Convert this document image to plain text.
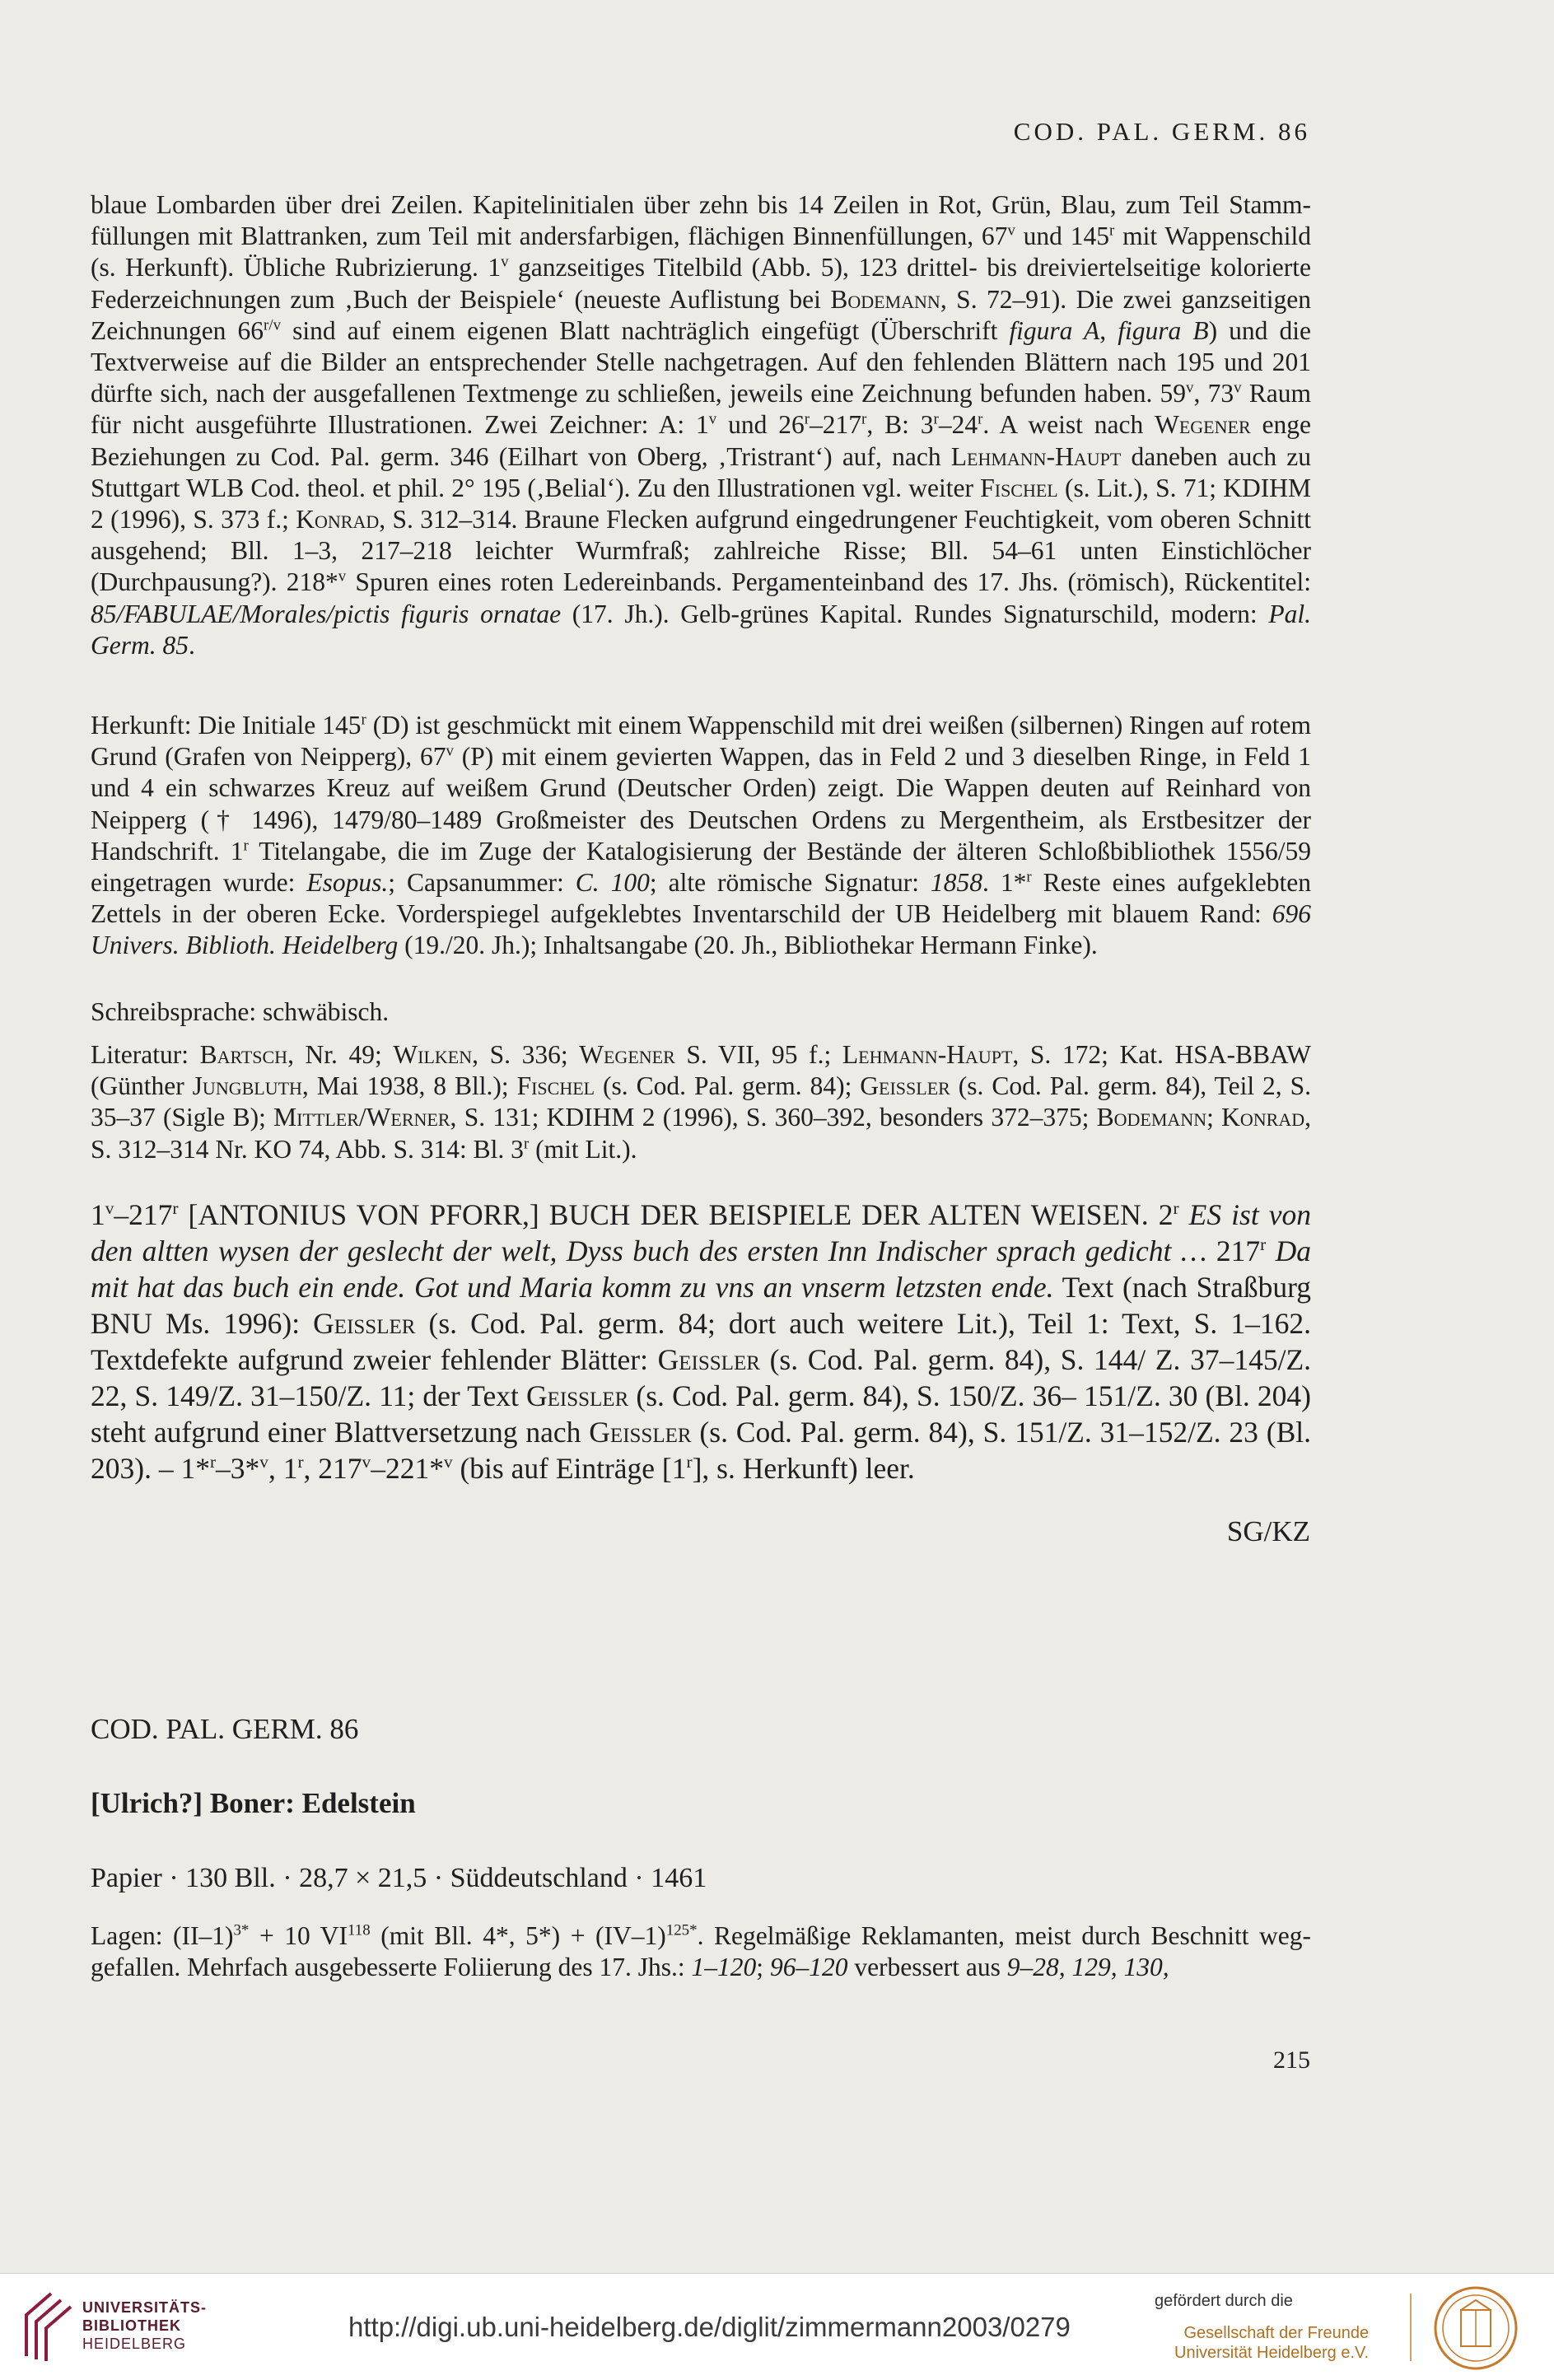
COD. PAL. GERM. 86

blaue Lombarden über drei Zeilen. Kapitelinitialen über zehn bis 14 Zeilen in Rot, Grün, Blau, zum Teil Stammfüllungen mit Blattranken, zum Teil mit andersfarbigen, flächigen Binnenfüllungen, 67$^v$ und 145$^r$ mit Wappenschild (s. Herkunft). Übliche Rubrizierung. 1$^v$ ganzseitiges Titelbild (Abb. 5), 123 drittel- bis dreiviertelseitige kolorierte Federzeichnungen zum ‚Buch der Beispiele‘ (neueste Auflistung bei Bodemann, S. 72–91). Die zwei ganzseitigen Zeichnungen $66^{r/v}$ sind auf einem eigenen Blatt nachträglich eingefügt (Überschrift figura A, figura B) und die Textverweise auf die Bilder an entsprechender Stelle nachgetragen. Auf den fehlenden Blättern nach 195 und 201 dürfte sich, nach der ausgefallenen Textmenge zu schließen, jeweils eine Zeichnung befunden haben. 59$^v$, 73$^v$ Raum für nicht ausgeführte Illustrationen. Zwei Zeichner: A: 1$^v$ und 26$^r$–217$^r$, B: 3$^r$–24$^r$. A weist nach Wegener enge Beziehungen zu Cod. Pal. germ. 346 (Eilhart von Oberg, ‚Tristrant‘) auf, nach Lehmann-Haupt daneben auch zu Stuttgart WLB Cod. theol. et phil. 2° 195 (‚Belial‘). Zu den Illustrationen vgl. weiter Fischel (s. Lit.), S. 71; KDIHM 2 (1996), S. 373 f.; Konrad, S. 312–314. Braune Flecken aufgrund eingedrungener Feuchtigkeit, vom oberen Schnitt ausgehend; Bll. 1–3, 217–218 leichter Wurmfraß; zahlreiche Risse; Bll. 54–61 unten Einstichlöcher (Durchpausung?). 218*$^v$ Spuren eines roten Ledereinbands. Pergamenteinband des 17. Jhs. (römisch), Rückentitel: 85/FABULAE/Morales/pictis figuris ornatae (17. Jh.). Gelb-grünes Kapital. Rundes Signaturschild, modern: Pal. Germ. 85.

Herkunft: Die Initiale 145$^r$ (D) ist geschmückt mit einem Wappenschild mit drei weißen (silbernen) Ringen auf rotem Grund (Grafen von Neipperg), 67$^v$ (P) mit einem gevierten Wappen, das in Feld 2 und 3 dieselben Ringe, in Feld 1 und 4 ein schwarzes Kreuz auf weißem Grund (Deutscher Orden) zeigt. Die Wappen deuten auf Reinhard von Neipperg († 1496), 1479/80–1489 Großmeister des Deutschen Ordens zu Mergentheim, als Erstbesitzer der Handschrift. 1$^r$ Titelangabe, die im Zuge der Katalogisierung der Bestände der älteren Schloßbibliothek 1556/59 eingetragen wurde: Esopus.; Capsanummer: C. 100; alte römische Signatur: 1858. 1*$^r$ Reste eines aufgeklebten Zettels in der oberen Ecke. Vorderspiegel aufgeklebtes Inventarschild der UB Heidelberg mit blauem Rand: 696 Univers. Biblioth. Heidelberg (19./20. Jh.); Inhaltsangabe (20. Jh., Bibliothekar Hermann Finke).

Schreibsprache: schwäbisch.

Literatur: Bartsch, Nr. 49; Wilken, S. 336; Wegener S. VII, 95 f.; Lehmann-Haupt, S. 172; Kat. HSA-BBAW (Günther Jungbluth, Mai 1938, 8 Bll.); Fischel (s. Cod. Pal. germ. 84); Geissler (s. Cod. Pal. germ. 84), Teil 2, S. 35–37 (Sigle B); Mittler/Werner, S. 131; KDIHM 2 (1996), S. 360–392, besonders 372–375; Bodemann; Konrad, S. 312–314 Nr. KO 74, Abb. S. 314: Bl. 3$^r$ (mit Lit.).

1$^v$–217$^r$ [ANTONIUS VON PFORR,] BUCH DER BEISPIELE DER ALTEN WEISEN. 2$^r$ ES ist von den altten wysen der geslecht der welt, Dyss buch des ersten Inn Indischer sprach gedicht … 217$^r$ Da mit hat das buch ein ende. Got und Maria komm zu vns an vnserm letzsten ende. Text (nach Straßburg BNU Ms. 1996): Geissler (s. Cod. Pal. germ. 84; dort auch weitere Lit.), Teil 1: Text, S. 1–162. Textdefekte aufgrund zweier fehlender Blätter: Geissler (s. Cod. Pal. germ. 84), S. 144/ Z. 37–145/Z. 22, S. 149/Z. 31–150/Z. 11; der Text Geissler (s. Cod. Pal. germ. 84), S. 150/Z. 36– 151/Z. 30 (Bl. 204) steht aufgrund einer Blattversetzung nach Geissler (s. Cod. Pal. germ. 84), S. 151/Z. 31–152/Z. 23 (Bl. 203). – 1*$^r$–3*$^v$, 1$^r$, 217$^v$–221*$^v$ (bis auf Einträge [1$^r$], s. Herkunft) leer.
SG/KZ
COD. PAL. GERM. 86
[Ulrich?] Boner: Edelstein
Papier · 130 Bll. · 28,7 × 21,5 · Süddeutschland · 1461
Lagen: $(II-1)^{3*} + 10$ VI$^{118}$ (mit Bll. 4*, $5*) + (IV-1)^{125*}$. Regelmäßige Reklamanten, meist durch Beschnitt weggefallen. Mehrfach ausgebesserte Foliierung des 17. Jhs.: 1–120; 96–120 verbessert aus 9–28, 129, 130,
215
UNIVERSITÄTS-
BIBLIOTHEK
HEIDELBERG
http://digi.ub.uni-heidelberg.de/diglit/zimmermann2003/0279
gefördert durch die
Gesellschaft der Freunde
Universität Heidelberg e.V.
